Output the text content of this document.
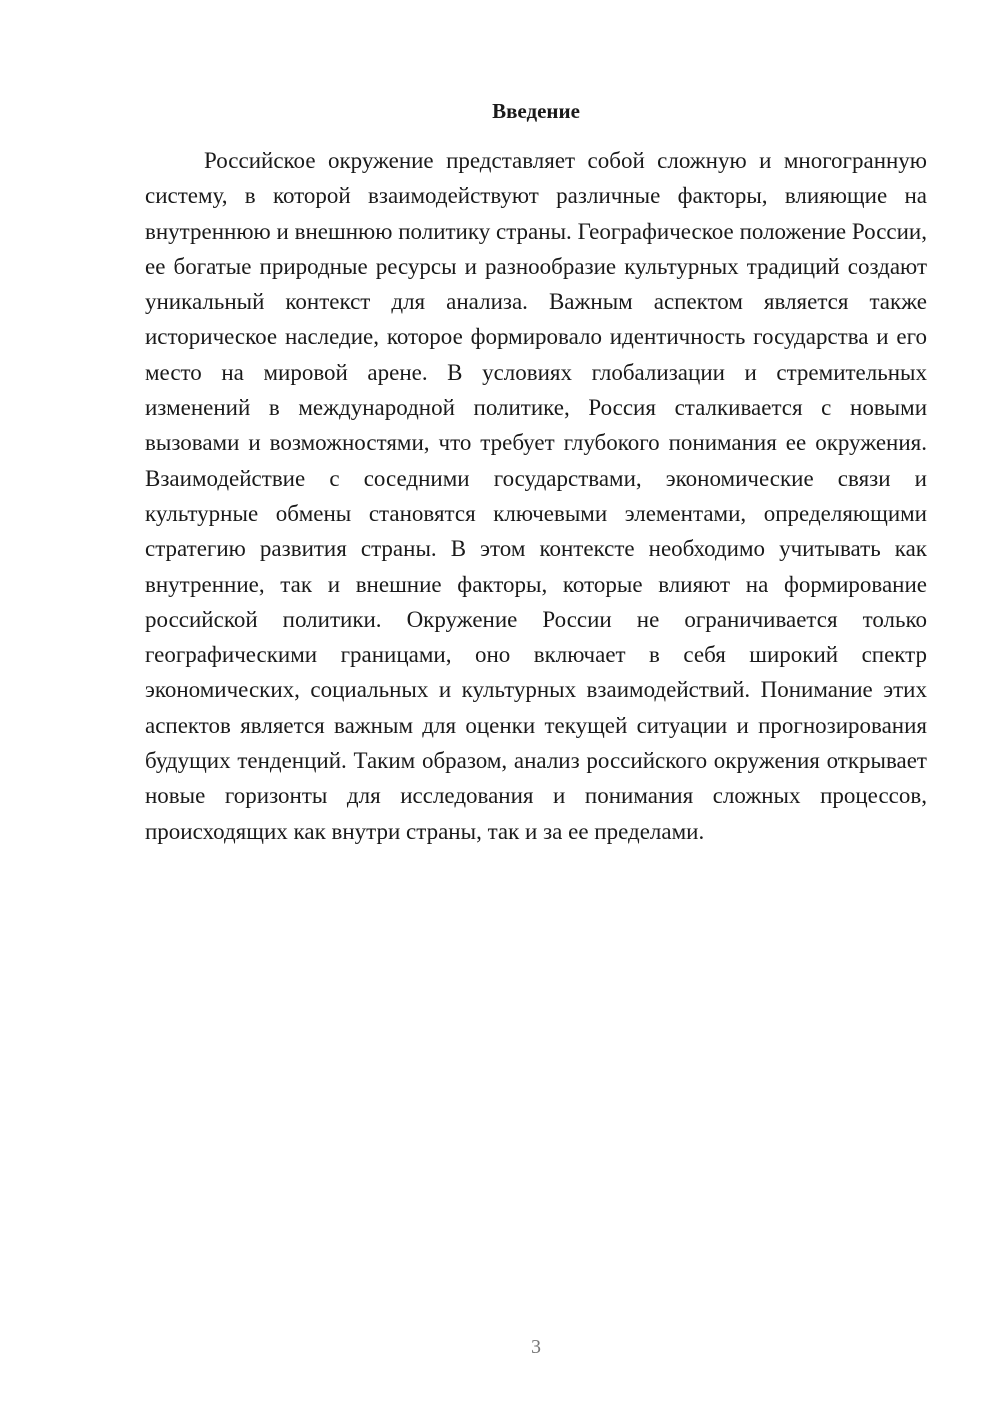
Введение

Российское окружение представляет собой сложную и многогранную систему, в которой взаимодействуют различные факторы, влияющие на внутреннюю и внешнюю политику страны. Географическое положение России, ее богатые природные ресурсы и разнообразие культурных традиций создают уникальный контекст для анализа. Важным аспектом является также историческое наследие, которое формировало идентичность государства и его место на мировой арене. В условиях глобализации и стремительных изменений в международной политике, Россия сталкивается с новыми вызовами и возможностями, что требует глубокого понимания ее окружения. Взаимодействие с соседними государствами, экономические связи и культурные обмены становятся ключевыми элементами, определяющими стратегию развития страны. В этом контексте необходимо учитывать как внутренние, так и внешние факторы, которые влияют на формирование российской политики. Окружение России не ограничивается только географическими границами, оно включает в себя широкий спектр экономических, социальных и культурных взаимодействий. Понимание этих аспектов является важным для оценки текущей ситуации и прогнозирования будущих тенденций. Таким образом, анализ российского окружения открывает новые горизонты для исследования и понимания сложных процессов, происходящих как внутри страны, так и за ее пределами.

3
